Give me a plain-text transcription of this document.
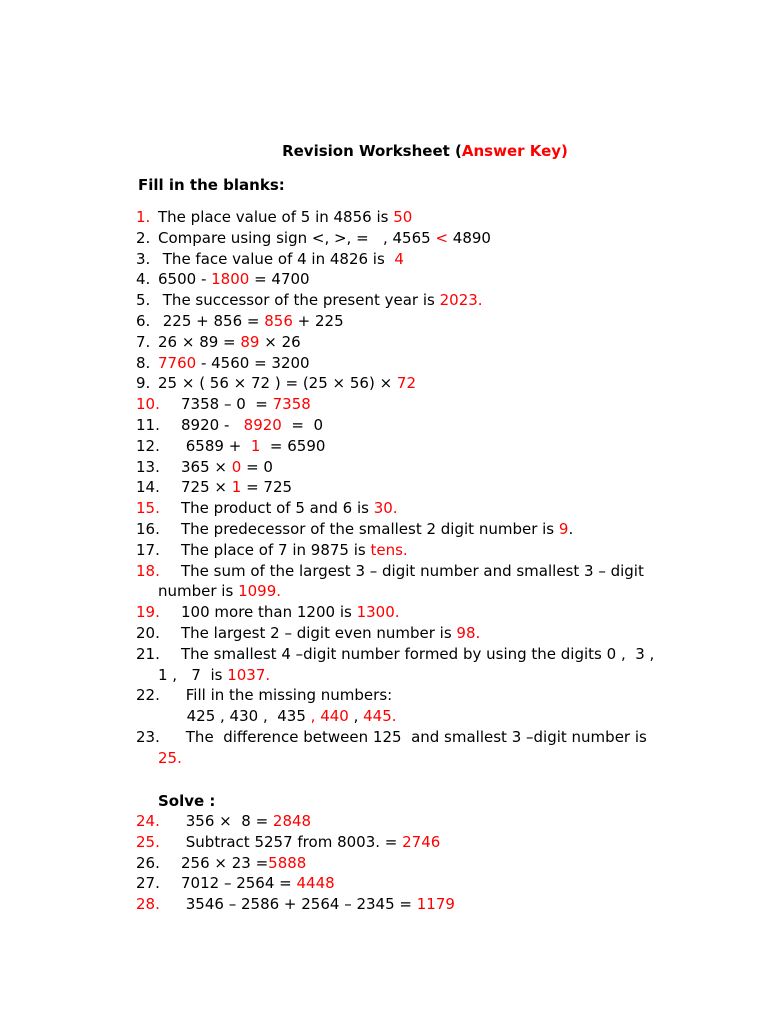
Revision Worksheet (Answer Key)
Fill in the blanks:
1. The place value of 5 in 4856 is 50
2. Compare using sign <, >, =   , 4565 < 4890
3. The face value of 4 in 4826 is  4
4. 6500 - 1800 = 4700
5. The successor of the present year is 2023.
6. 225 + 856 = 856 + 225
7. 26 × 89 = 89 × 26
8. 7760 - 4560 = 3200
9. 25 × ( 56 × 72 ) = (25 × 56) × 72
10. 7358 – 0  = 7358
11. 8920 -   8920  =  0
12. 6589 +  1  = 6590
13. 365 × 0 = 0
14. 725 × 1 = 725
15. The product of 5 and 6 is 30.
16. The predecessor of the smallest 2 digit number is 9.
17. The place of 7 in 9875 is tens.
18. The sum of the largest 3 – digit number and smallest 3 – digit
number is 1099.
19. 100 more than 1200 is 1300.
20. The largest 2 – digit even number is 98.
21. The smallest 4 –digit number formed by using the digits 0 ,  3 ,
1 ,   7  is 1037.
22. Fill in the missing numbers:
425 , 430 ,  435 , 440 , 445.
23. The  difference between 125  and smallest 3 –digit number is
25.
Solve :
24. 356 ×  8 = 2848
25. Subtract 5257 from 8003. = 2746
26. 256 × 23 =5888
27. 7012 – 2564 = 4448
28. 3546 – 2586 + 2564 – 2345 = 1179
